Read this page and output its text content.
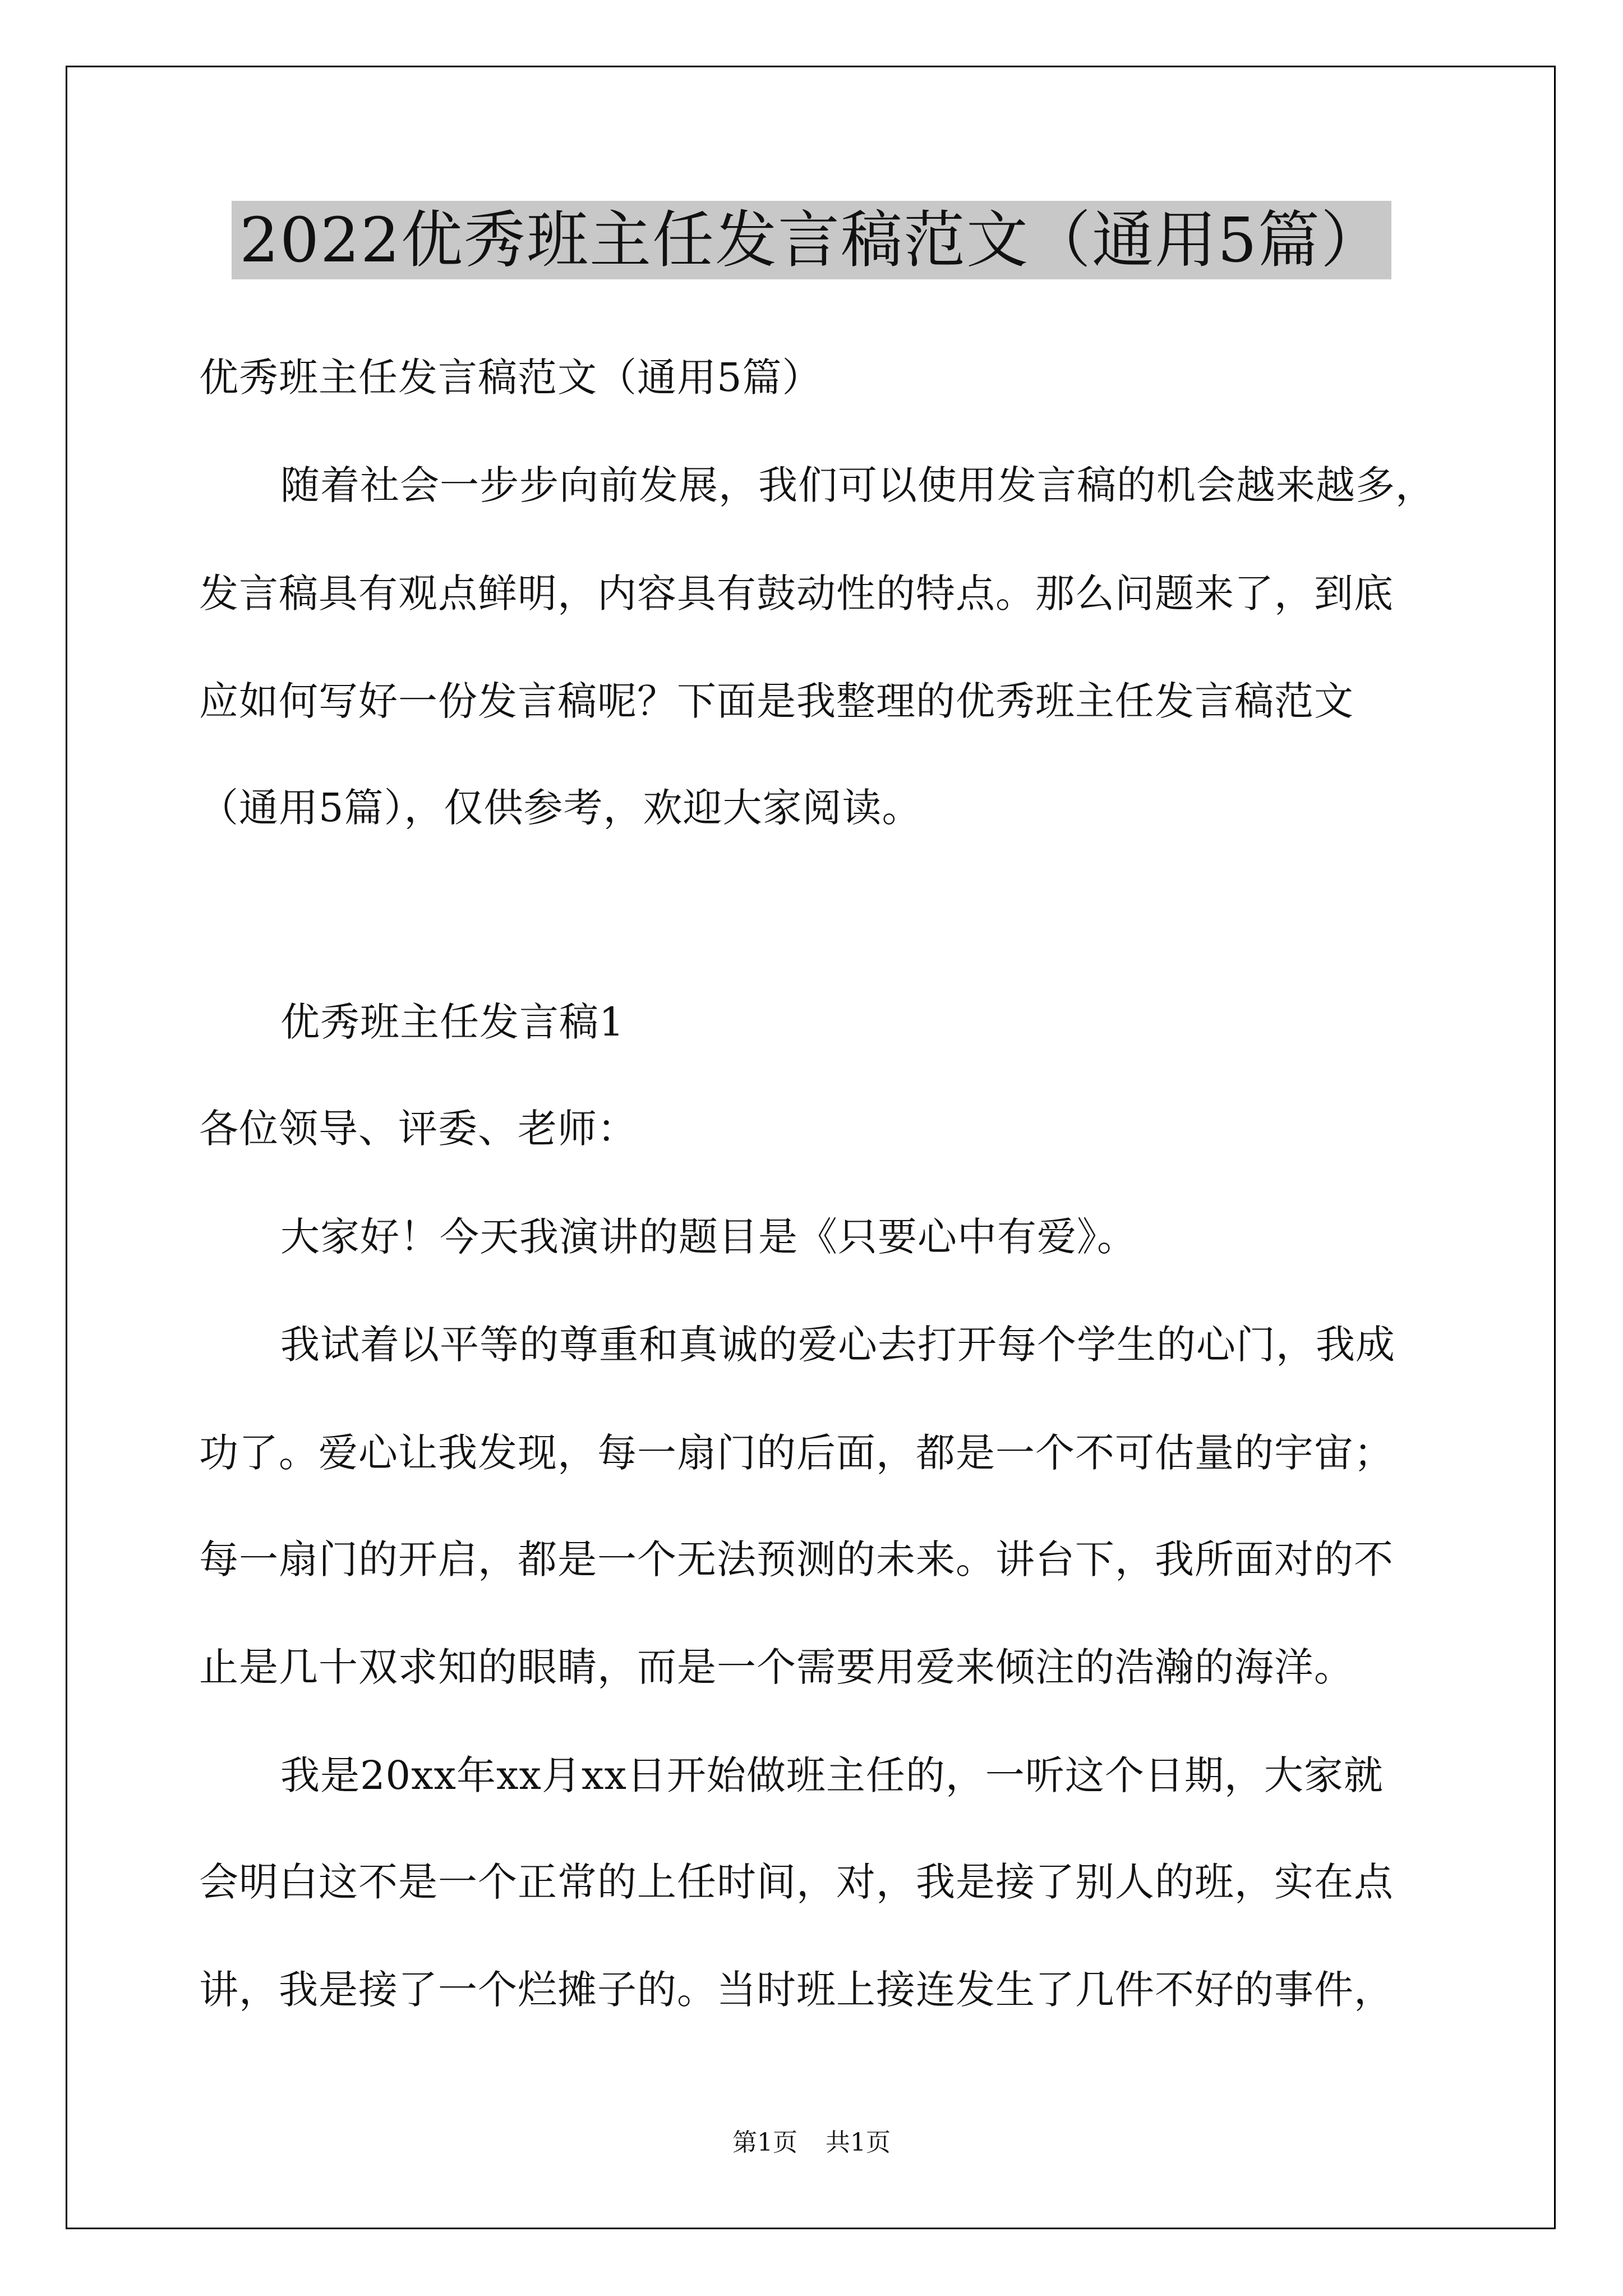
2022优秀班主任发言稿范文（通用5篇）
优秀班主任发言稿范文（通用5篇）
随着社会一步步向前发展，我们可以使用发言稿的机会越来越多，
发言稿具有观点鲜明，内容具有鼓动性的特点。那么问题来了，到底
应如何写好一份发言稿呢？下面是我整理的优秀班主任发言稿范文
（通用5篇），仅供参考，欢迎大家阅读。
优秀班主任发言稿1
各位领导、评委、老师：
大家好！今天我演讲的题目是《只要心中有爱》。
我试着以平等的尊重和真诚的爱心去打开每个学生的心门，我成
功了。爱心让我发现，每一扇门的后面，都是一个不可估量的宇宙；
每一扇门的开启，都是一个无法预测的未来。讲台下，我所面对的不
止是几十双求知的眼睛，而是一个需要用爱来倾注的浩瀚的海洋。
我是20xx年xx月xx日开始做班主任的，一听这个日期，大家就
会明白这不是一个正常的上任时间，对，我是接了别人的班，实在点
讲，我是接了一个烂摊子的。当时班上接连发生了几件不好的事件，
第1页 共1页
